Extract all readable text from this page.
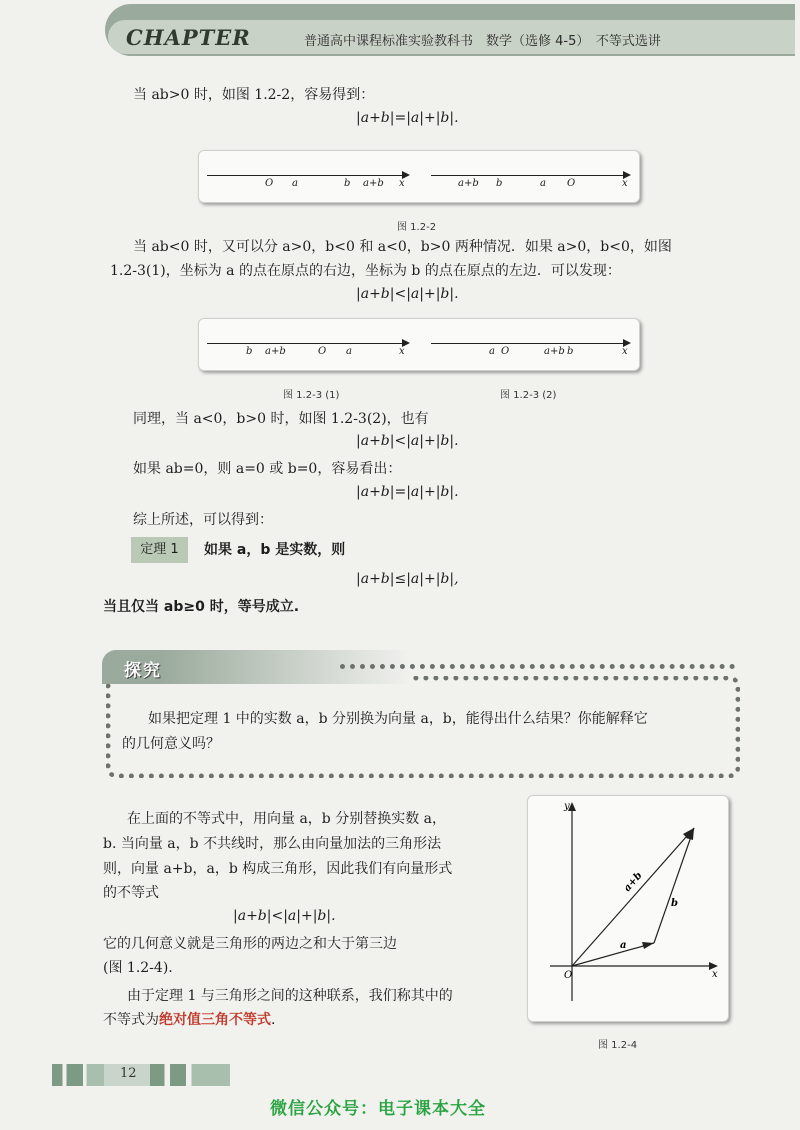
CHAPTER	普通高中课程标准实验教科书　数学（选修 4-5）　不等式选讲
当 ab>0 时，如图 1.2-2，容易得到：
|a+b|=|a|+|b|.
O a	b a+b x	a+b b	a O	x
图 1.2-2
当 ab<0 时，又可以分 a>0，b<0 和 a<0，b>0 两种情况．如果 a>0，b<0，如图
1.2-3(1)，坐标为 a 的点在原点的右边，坐标为 b 的点在原点的左边．可以发现：
|a+b|<|a|+|b|.
b a+b	O a	x	a O	a+b b	x
图 1.2-3 (1)	图 1.2-3 (2)
同理，当 a<0，b>0 时，如图 1.2-3(2)，也有
|a+b|<|a|+|b|.
如果 ab=0，则 a=0 或 b=0，容易看出：
|a+b|=|a|+|b|.
综上所述，可以得到：
定理 1	如果 a，b 是实数，则
|a+b|≤|a|+|b|,
当且仅当 ab≥0 时，等号成立.
探究
如果把定理 1 中的实数 a，b 分别换为向量 a，b，能得出什么结果？你能解释它
的几何意义吗？
在上面的不等式中，用向量 a，b 分别替换实数 a，
b. 当向量 a，b 不共线时，那么由向量加法的三角形法
则，向量 a+b，a，b 构成三角形，因此我们有向量形式
的不等式
|a+b|<|a|+|b|.
它的几何意义就是三角形的两边之和大于第三边
(图 1.2-4).
由于定理 1 与三角形之间的这种联系，我们称其中的
不等式为绝对值三角不等式.
y
x
O
a
b
a+b
图 1.2-4
12
微信公众号：电子课本大全
